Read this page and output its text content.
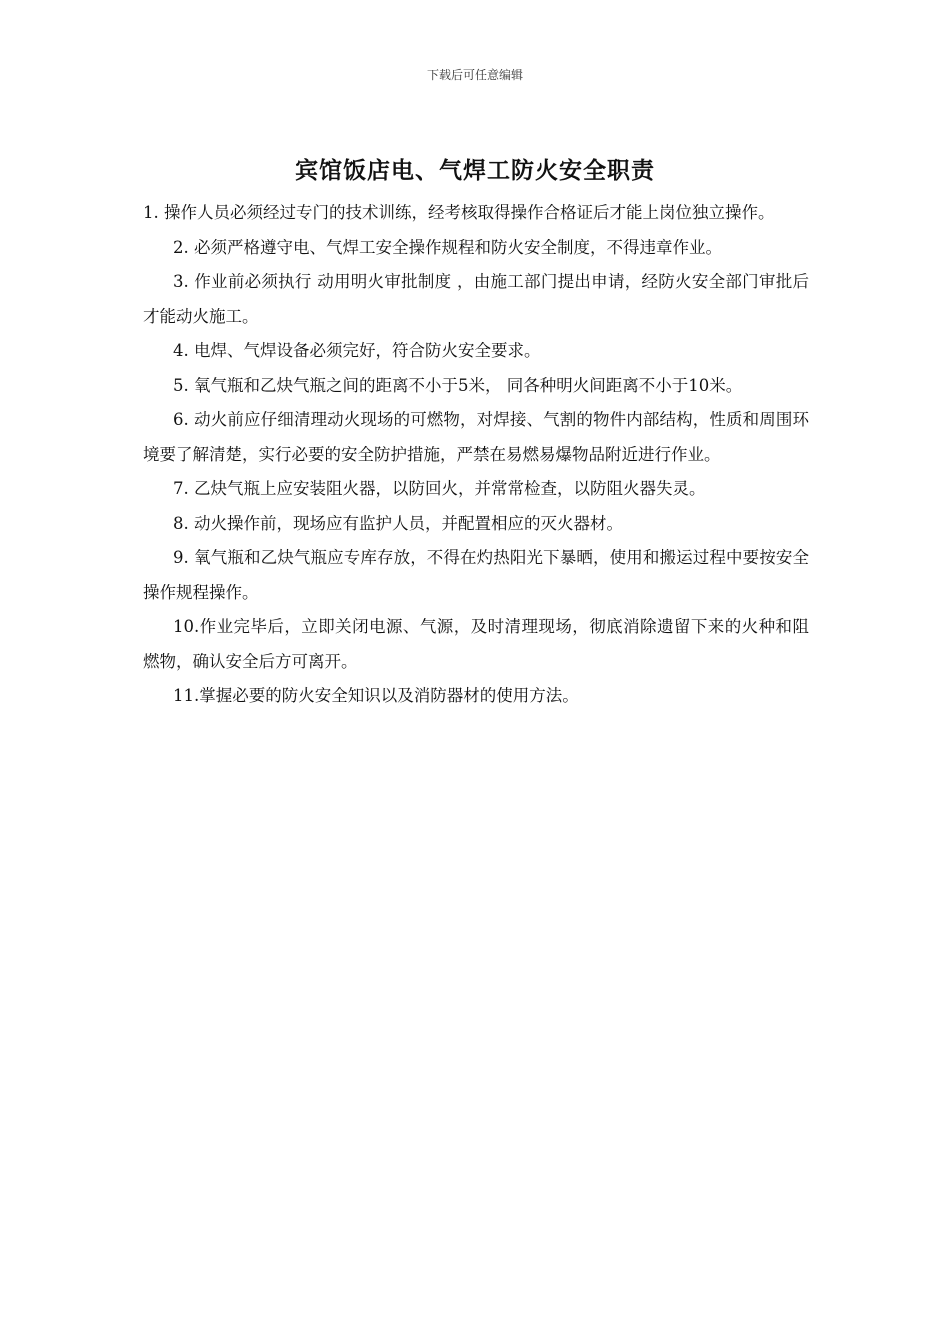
下载后可任意编辑
宾馆饭店电、气焊工防火安全职责

1. 操作人员必须经过专门的技术训练，经考核取得操作合格证后才能上岗位独立操作。

2. 必须严格遵守电、气焊工安全操作规程和防火安全制度，不得违章作业。

3. 作业前必须执行 动用明火审批制度 ，由施工部门提出申请，经防火安全部门审批后才能动火施工。

4. 电焊、气焊设备必须完好，符合防火安全要求。

5. 氧气瓶和乙炔气瓶之间的距离不小于5米， 同各种明火间距离不小于10米。

6. 动火前应仔细清理动火现场的可燃物，对焊接、气割的物件内部结构，性质和周围环境要了解清楚，实行必要的安全防护措施，严禁在易燃易爆物品附近进行作业。

7. 乙炔气瓶上应安装阻火器，以防回火，并常常检查，以防阻火器失灵。

8. 动火操作前，现场应有监护人员，并配置相应的灭火器材。

9. 氧气瓶和乙炔气瓶应专库存放，不得在灼热阳光下暴晒，使用和搬运过程中要按安全操作规程操作。

10.作业完毕后，立即关闭电源、气源，及时清理现场，彻底消除遗留下来的火种和阻燃物，确认安全后方可离开。

11.掌握必要的防火安全知识以及消防器材的使用方法。
